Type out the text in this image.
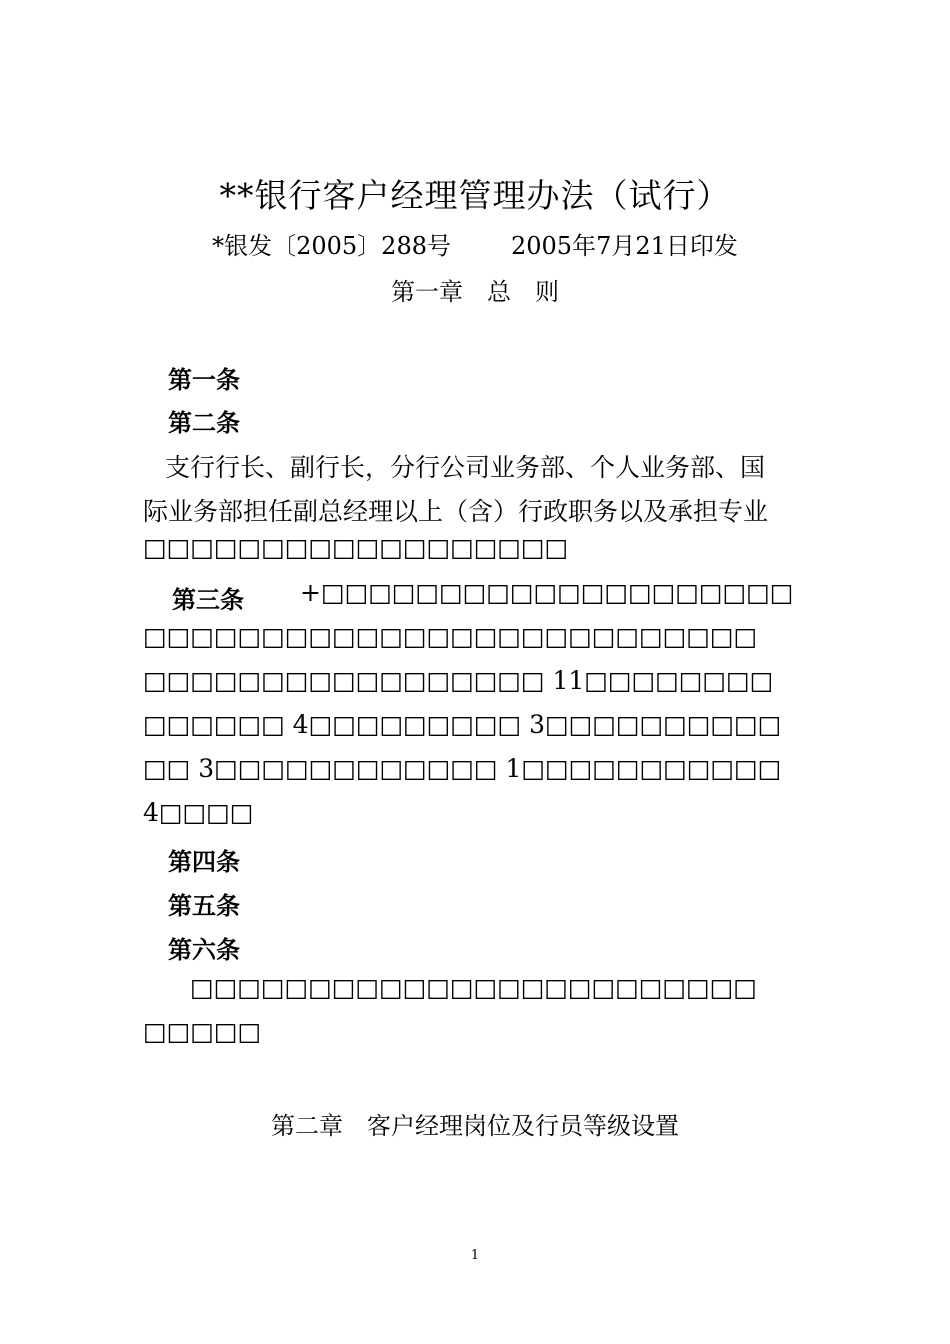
**银行客户经理管理办法（试行）
*银发〔2005〕288号	2005年7月21日印发
第一章　总　则
第一条
第二条
支行行长、副行长，分行公司业务部、个人业务部、国
际业务部担任副总经理以上（含）行政职务以及承担专业
□□□□□□□□□□□□□□□□□□
第三条 +□□□□□□□□□□□□□□□□□□□□
□□□□□□□□□□□□□□□□□□□□□□□□□□
□□□□□□□□□□□□□□□□□ 11□□□□□□□□
□□□□□□ 4□□□□□□□□□ 3□□□□□□□□□□
□□ 3□□□□□□□□□□□□ 1□□□□□□□□□□□
4□□□□
第四条
第五条
第六条
□□□□□□□□□□□□□□□□□□□□□□□□
□□□□□
第二章　客户经理岗位及行员等级设置
1
